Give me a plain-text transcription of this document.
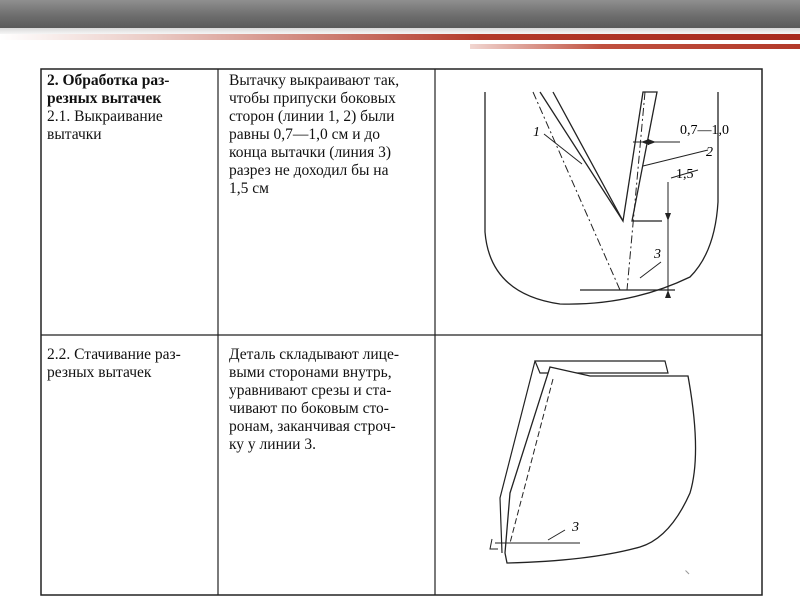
2. Обработка раз-
резных вытачек
2.1. Выкраивание
вытачки
Вытачку выкраивают так,
чтобы припуски боковых
сторон (линии 1, 2) были
равны 0,7—1,0 см и до
конца вытачки (линия 3)
разрез не доходил бы на
1,5 см
1
2
3
0,7—1,0
1,5
2.2. Стачивание раз-
резных вытачек
Деталь складывают лице-
выми сторонами внутрь,
уравнивают срезы и ста-
чивают по боковым сто-
ронам, заканчивая строч-
ку у линии 3.
3
